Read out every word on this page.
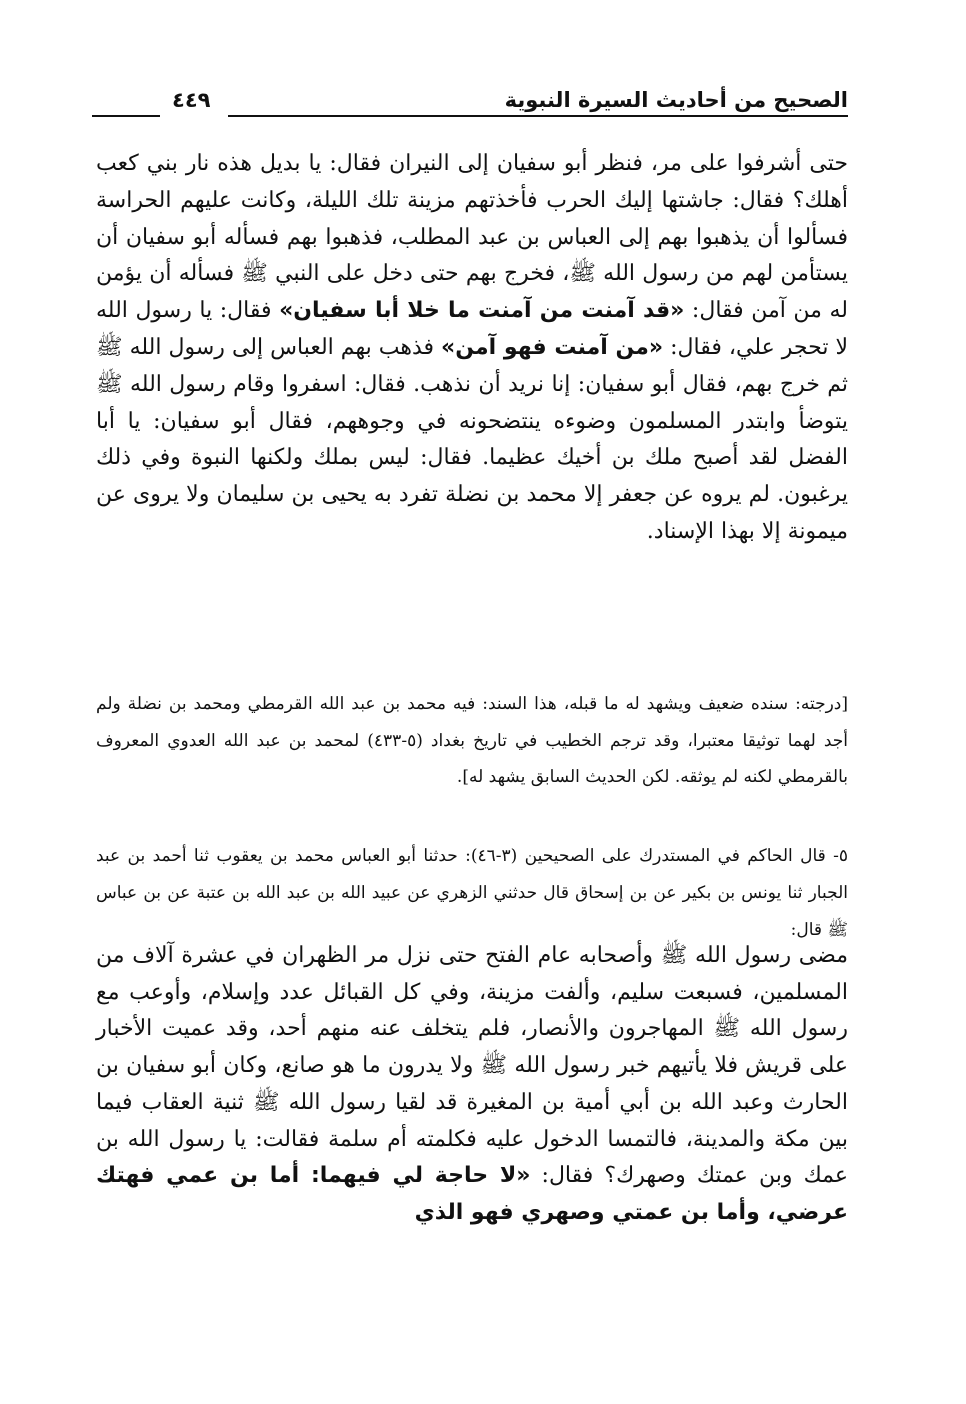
الصحيح من أحاديث السيرة النبوية
٤٤٩
حتى أشرفوا على مر، فنظر أبو سفيان إلى النيران فقال: يا بديل هذه نار بني كعب أهلك؟ فقال: جاشتها إليك الحرب فأخذتهم مزينة تلك الليلة، وكانت عليهم الحراسة فسألوا أن يذهبوا بهم إلى العباس بن عبد المطلب، فذهبوا بهم فسأله أبو سفيان أن يستأمن لهم من رسول الله ﷺ، فخرج بهم حتى دخل على النبي ﷺ فسأله أن يؤمن له من آمن فقال: «قد آمنت من آمنت ما خلا أبا سفيان» فقال: يا رسول الله لا تحجر علي، فقال: «من آمنت فهو آمن» فذهب بهم العباس إلى رسول الله ﷺ ثم خرج بهم، فقال أبو سفيان: إنا نريد أن نذهب. فقال: اسفروا وقام رسول الله ﷺ يتوضأ وابتدر المسلمون وضوءه ينتضحونه في وجوههم، فقال أبو سفيان: يا أبا الفضل لقد أصبح ملك بن أخيك عظيما. فقال: ليس بملك ولكنها النبوة وفي ذلك يرغبون. لم يروه عن جعفر إلا محمد بن نضلة تفرد به يحيى بن سليمان ولا يروى عن ميمونة إلا بهذا الإسناد.
[درجته: سنده ضعيف ويشهد له ما قبله، هذا السند: فيه محمد بن عبد الله القرمطي ومحمد بن نضلة ولم أجد لهما توثيقا معتبرا، وقد ترجم الخطيب في تاريخ بغداد (٥-٤٣٣) لمحمد بن عبد الله العدوي المعروف بالقرمطي لكنه لم يوثقه. لكن الحديث السابق يشهد له].
٥- قال الحاكم في المستدرك على الصحيحين (٣-٤٦): حدثنا أبو العباس محمد بن يعقوب ثنا أحمد بن عبد الجبار ثنا يونس بن بكير عن بن إسحاق قال حدثني الزهري عن عبيد الله بن عبد الله بن عتبة عن بن عباس ﷺ قال:
مضى رسول الله ﷺ وأصحابه عام الفتح حتى نزل مر الظهران في عشرة آلاف من المسلمين، فسبعت سليم، وألفت مزينة، وفي كل القبائل عدد وإسلام، وأوعب مع رسول الله ﷺ المهاجرون والأنصار، فلم يتخلف عنه منهم أحد، وقد عميت الأخبار على قريش فلا يأتيهم خبر رسول الله ﷺ ولا يدرون ما هو صانع، وكان أبو سفيان بن الحارث وعبد الله بن أبي أمية بن المغيرة قد لقيا رسول الله ﷺ ثنية العقاب فيما بين مكة والمدينة، فالتمسا الدخول عليه فكلمته أم سلمة فقالت: يا رسول الله بن عمك وبن عمتك وصهرك؟ فقال: «لا حاجة لي فيهما: أما بن عمي فهتك عرضي، وأما بن عمتي وصهري فهو الذي
